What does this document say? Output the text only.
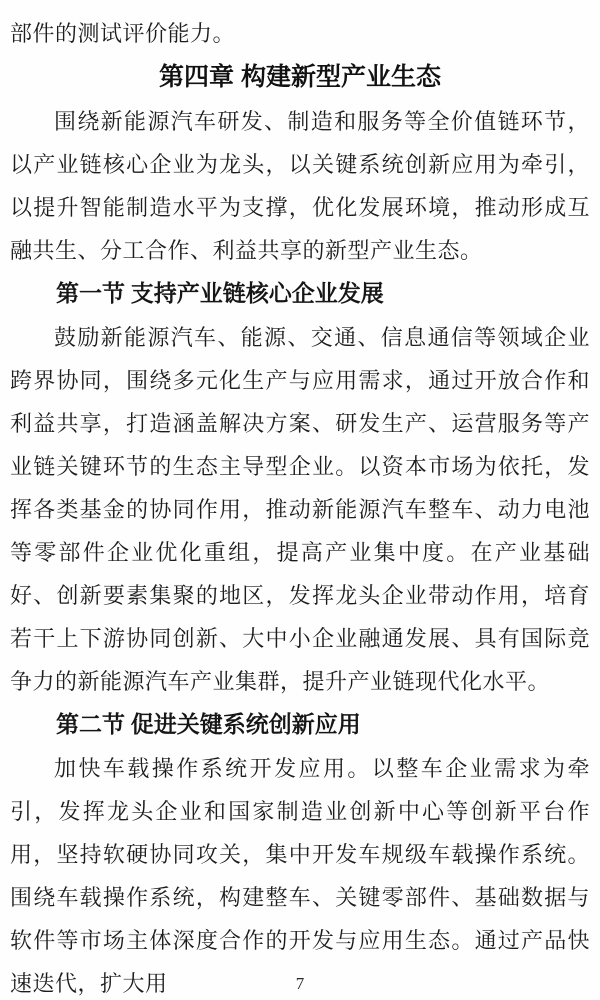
部件的测试评价能力。

第四章 构建新型产业生态

围绕新能源汽车研发、制造和服务等全价值链环节，以产业链核心企业为龙头，以关键系统创新应用为牵引，以提升智能制造水平为支撑，优化发展环境，推动形成互融共生、分工合作、利益共享的新型产业生态。

第一节 支持产业链核心企业发展

鼓励新能源汽车、能源、交通、信息通信等领域企业跨界协同，围绕多元化生产与应用需求，通过开放合作和利益共享，打造涵盖解决方案、研发生产、运营服务等产业链关键环节的生态主导型企业。以资本市场为依托，发挥各类基金的协同作用，推动新能源汽车整车、动力电池等零部件企业优化重组，提高产业集中度。在产业基础好、创新要素集聚的地区，发挥龙头企业带动作用，培育若干上下游协同创新、大中小企业融通发展、具有国际竞争力的新能源汽车产业集群，提升产业链现代化水平。

第二节 促进关键系统创新应用

加快车载操作系统开发应用。以整车企业需求为牵引，发挥龙头企业和国家制造业创新中心等创新平台作用，坚持软硬协同攻关，集中开发车规级车载操作系统。围绕车载操作系统，构建整车、关键零部件、基础数据与软件等市场主体深度合作的开发与应用生态。通过产品快速迭代，扩大用	7
